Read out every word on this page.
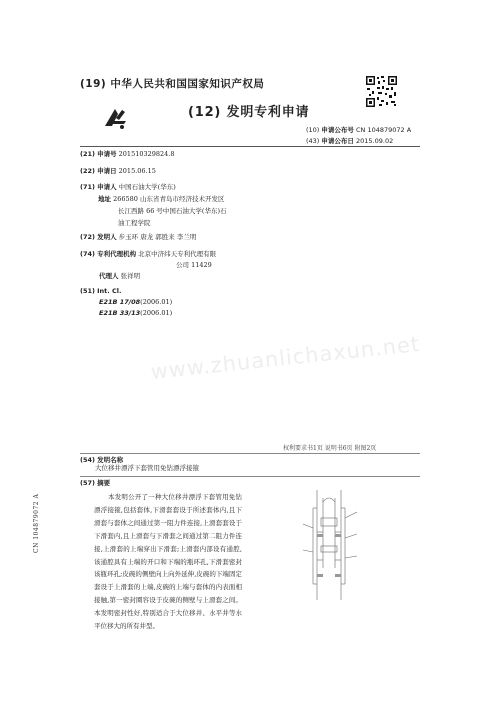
(19) 中华人民共和国国家知识产权局
(12) 发明专利申请
(10) 申请公布号 CN 104879072 A
(43) 申请公布日 2015.09.02
(21) 申请号 201510329824.8
(22) 申请日 2015.06.15
(71) 申请人 中国石油大学(华东)
地址 266580 山东省青岛市经济技术开发区
长江西路 66 号中国石油大学(华东)石
油工程学院
(72) 发明人 步玉环 唐龙 郭胜来 李兰明
(74) 专利代理机构 北京中济纬天专利代理有限
公司 11429
代理人 张祥明
(51) Int. Cl.
E21B 17/08(2006.01)
E21B 33/13(2006.01)
权利要求书1页 说明书6页 附图2页
(54) 发明名称
大位移井漂浮下套管用免钻漂浮接箍
(57) 摘要
本发明公开了一种大位移井漂浮下套管用免钻漂浮接箍,包括套体,下滑套套设于所述套体内,且下滑套与套体之间通过第一阻力件连接,上滑套套设于下滑套内,且上滑套与下滑套之间通过第二阻力件连接,上滑套的上端穿出下滑套;上滑套内部设有通腔,该通腔具有上端的开口和下端的瓶环孔,下滑套密封该瓶环孔;皮碗的侧壁向上向外延伸,皮碗的下端固定套设于上滑套的上端,皮碗的上端与套体的内表面相接触,第一密封圈容设于皮碗的侧壁与上滑套之间。本发明密封性好,特别适合于大位移井、水平井等水平位移大的所有井型。
CN 104879072 A
www.zhuanlichaxun.net
